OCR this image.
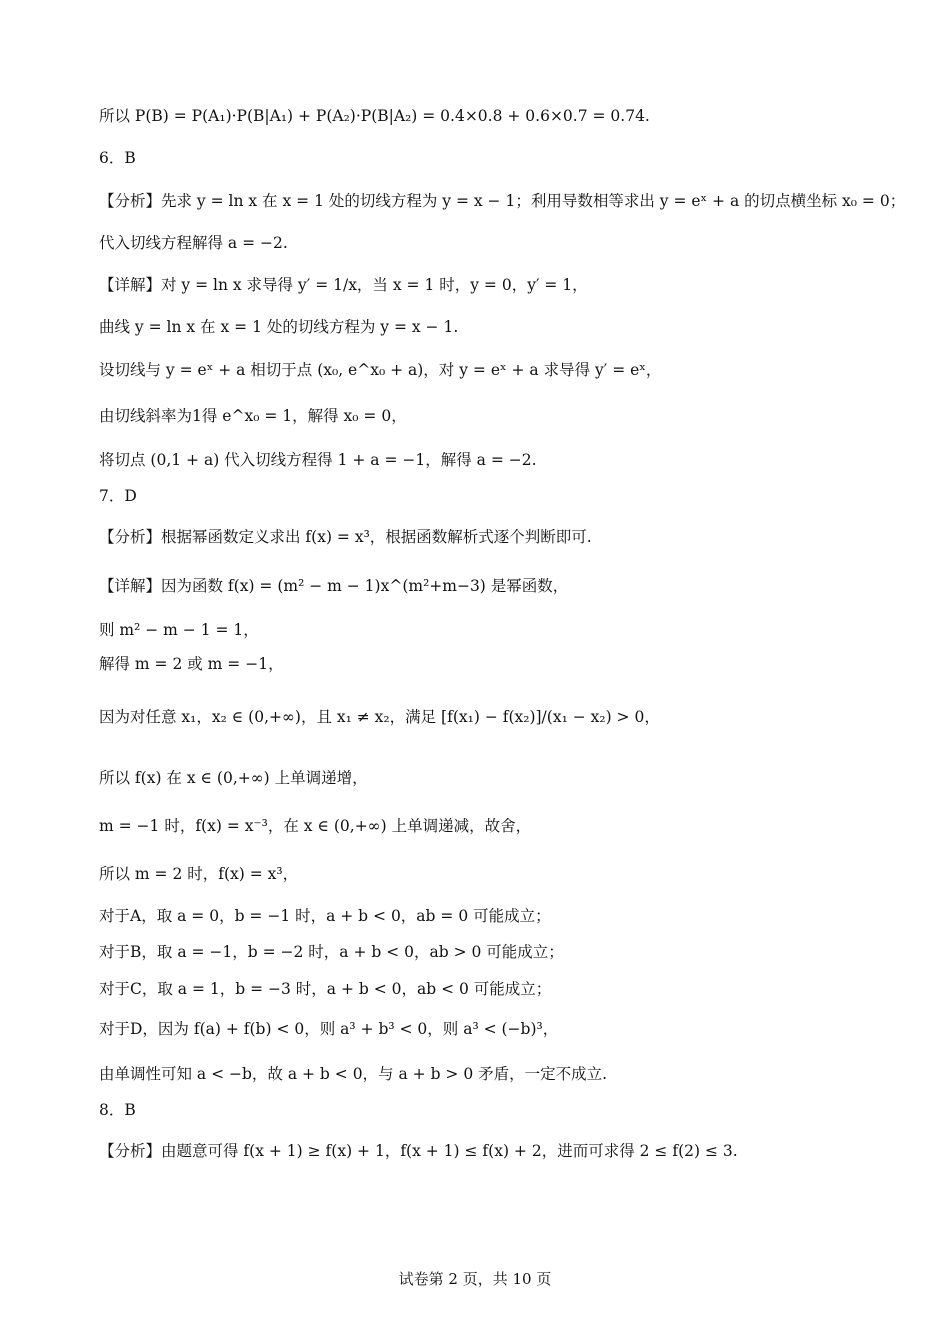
所以 P(B) = P(A₁)·P(B|A₁) + P(A₂)·P(B|A₂) = 0.4×0.8 + 0.6×0.7 = 0.74.
6．B
【分析】先求 y = ln x 在 x = 1 处的切线方程为 y = x − 1；利用导数相等求出 y = eˣ + a 的切点横坐标 x₀ = 0；
代入切线方程解得 a = −2.
【详解】对 y = ln x 求导得 y′ = 1/x，当 x = 1 时，y = 0，y′ = 1，
曲线 y = ln x 在 x = 1 处的切线方程为 y = x − 1.
设切线与 y = eˣ + a 相切于点 (x₀, e^x₀ + a)，对 y = eˣ + a 求导得 y′ = eˣ，
由切线斜率为1得 e^x₀ = 1，解得 x₀ = 0，
将切点 (0,1 + a) 代入切线方程得 1 + a = −1，解得 a = −2.
7．D
【分析】根据幂函数定义求出 f(x) = x³，根据函数解析式逐个判断即可.
【详解】因为函数 f(x) = (m² − m − 1)x^(m²+m−3) 是幂函数，
则 m² − m − 1 = 1，
解得 m = 2 或 m = −1，
因为对任意 x₁，x₂ ∈ (0,+∞)，且 x₁ ≠ x₂，满足 [f(x₁) − f(x₂)]/(x₁ − x₂) > 0，
所以 f(x) 在 x ∈ (0,+∞) 上单调递增，
m = −1 时，f(x) = x⁻³，在 x ∈ (0,+∞) 上单调递减，故舍，
所以 m = 2 时，f(x) = x³，
对于A，取 a = 0，b = −1 时，a + b < 0，ab = 0 可能成立；
对于B，取 a = −1，b = −2 时，a + b < 0，ab > 0 可能成立；
对于C，取 a = 1，b = −3 时，a + b < 0，ab < 0 可能成立；
对于D，因为 f(a) + f(b) < 0，则 a³ + b³ < 0，则 a³ < (−b)³，
由单调性可知 a < −b，故 a + b < 0，与 a + b > 0 矛盾，一定不成立.
8．B
【分析】由题意可得 f(x + 1) ≥ f(x) + 1，f(x + 1) ≤ f(x) + 2，进而可求得 2 ≤ f(2) ≤ 3.
试卷第 2 页，共 10 页
